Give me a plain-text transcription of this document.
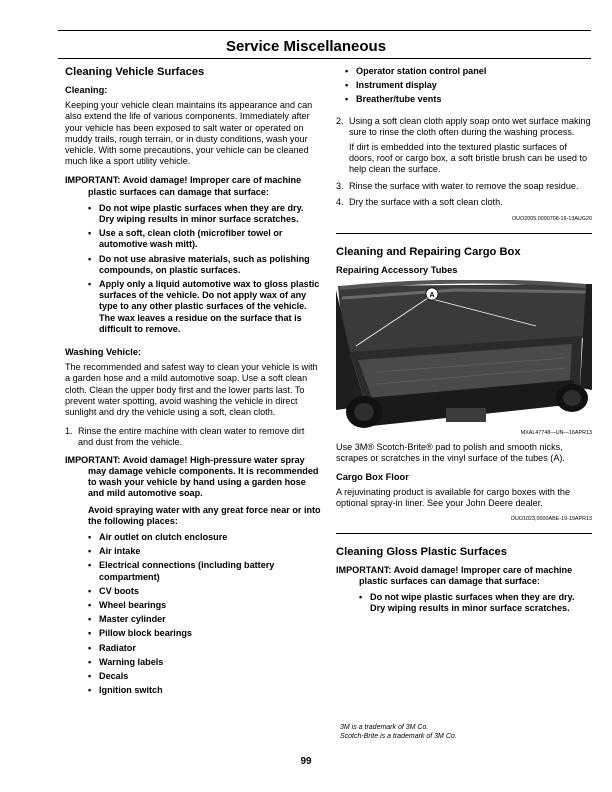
Service Miscellaneous
Cleaning Vehicle Surfaces
Cleaning:

Keeping your vehicle clean maintains its appearance and can also extend the life of various components. Immediately after your vehicle has been exposed to salt water or operated on muddy trails, rough terrain, or in dusty conditions, wash your vehicle. With some precautions, your vehicle can be cleaned much like a sport utility vehicle.

IMPORTANT: Avoid damage! Improper care of machine plastic surfaces can damage that surface:

• Do not wipe plastic surfaces when they are dry. Dry wiping results in minor surface scratches.
• Use a soft, clean cloth (microfiber towel or automotive wash mitt).
• Do not use abrasive materials, such as polishing compounds, on plastic surfaces.
• Apply only a liquid automotive wax to gloss plastic surfaces of the vehicle. Do not apply wax of any type to any other plastic surfaces of the vehicle. The wax leaves a residue on the surface that is difficult to remove.
Washing Vehicle:

The recommended and safest way to clean your vehicle is with a garden hose and a mild automotive soap. Use a soft clean cloth. Clean the upper body first and the lower parts last. To prevent water spotting, avoid washing the vehicle in direct sunlight and dry the vehicle using a soft, clean cloth.

1. Rinse the entire machine with clean water to remove dirt and dust from the vehicle.

IMPORTANT: Avoid damage! High-pressure water spray may damage vehicle components. It is recommended to wash your vehicle by hand using a garden hose and mild automotive soap.

Avoid spraying water with any great force near or into the following places:

• Air outlet on clutch enclosure
• Air intake
• Electrical connections (including battery compartment)
• CV boots
• Wheel bearings
• Master cylinder
• Pillow block bearings
• Radiator
• Warning labels
• Decals
• Ignition switch
• Operator station control panel
• Instrument display
• Breather/tube vents
2. Using a soft clean cloth apply soap onto wet surface making sure to rinse the cloth often during the washing process.

If dirt is embedded into the textured plastic surfaces of doors, roof or cargo box, a soft bristle brush can be used to help clean the surface.

3. Rinse the surface with water to remove the soap residue.
4. Dry the surface with a soft clean cloth.
OUO2005,0000708-19-13AUG20
Cleaning and Repairing Cargo Box
Repairing Accessory Tubes
A
MXAL47748—UN—16APR13

Use 3M® Scotch-Brite® pad to polish and smooth nicks, scrapes or scratches in the vinyl surface of the tubes (A).

Cargo Box Floor

A rejuvinating product is available for cargo boxes with the optional spray-in liner. See your John Deere dealer.

OUO1023,0000ABE-19-19APR13
Cleaning Gloss Plastic Surfaces

IMPORTANT: Avoid damage! Improper care of machine plastic surfaces can damage that surface:

• Do not wipe plastic surfaces when they are dry. Dry wiping results in minor surface scratches.
3M is a trademark of 3M Co.
Scotch-Brite is a trademark of 3M Co.
99
